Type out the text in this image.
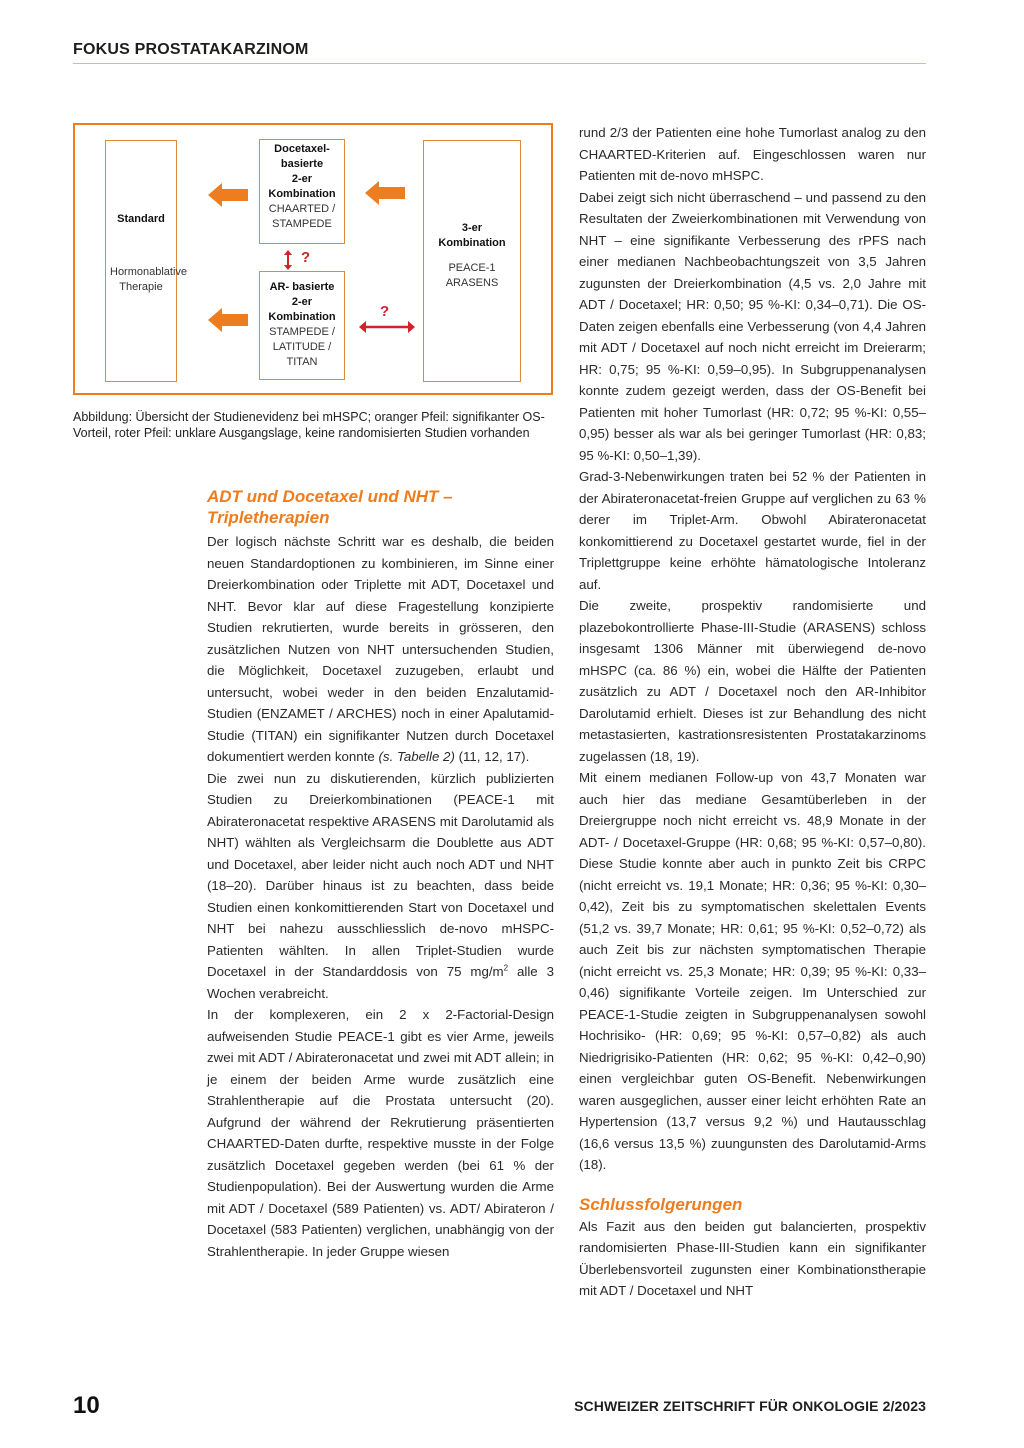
FOKUS PROSTATAKARZINOM
Standard
Hormonablative Therapie
Docetaxel-
basierte
2-er
Kombination
CHAARTED /
STAMPEDE
AR- basierte
2-er
Kombination
STAMPEDE /
LATITUDE /
TITAN
3-er
Kombination
PEACE-1
ARASENS
?
?
Abbildung: Übersicht der Studienevidenz bei mHSPC; oranger Pfeil: signifikanter OS-Vorteil, roter Pfeil: unklare Ausgangslage, keine randomisierten Studien vorhanden

ADT und Docetaxel und NHT – Tripletherapien

Der logisch nächste Schritt war es deshalb, die beiden neuen Standardoptionen zu kombinieren, im Sinne einer Dreierkombination oder Triplette mit ADT, Docetaxel und NHT. Bevor klar auf diese Fragestellung konzipierte Studien rekrutierten, wurde bereits in grösseren, den zusätzlichen Nutzen von NHT untersuchenden Studien, die Möglichkeit, Docetaxel zuzugeben, erlaubt und untersucht, wobei weder in den beiden Enzalutamid-Studien (ENZAMET / ARCHES) noch in einer Apalutamid-Studie (TITAN) ein signifikanter Nutzen durch Docetaxel dokumentiert werden konnte (s. Tabelle 2) (11, 12, 17).

Die zwei nun zu diskutierenden, kürzlich publizierten Studien zu Dreierkombinationen (PEACE-1 mit Abirateronacetat respektive ARASENS mit Darolutamid als NHT) wählten als Vergleichsarm die Doublette aus ADT und Docetaxel, aber leider nicht auch noch ADT und NHT (18–20). Darüber hinaus ist zu beachten, dass beide Studien einen konkomittierenden Start von Docetaxel und NHT bei nahezu ausschliesslich de-novo mHSPC-Patienten wählten. In allen Triplet-Studien wurde Docetaxel in der Standarddosis von 75 $mg/m^2$ alle 3 Wochen verabreicht.

In der komplexeren, ein 2 x 2-Factorial-Design aufweisenden Studie PEACE-1 gibt es vier Arme, jeweils zwei mit ADT / Abirateronacetat und zwei mit ADT allein; in je einem der beiden Arme wurde zusätzlich eine Strahlentherapie auf die Prostata untersucht (20). Aufgrund der während der Rekrutierung präsentierten CHAARTED-Daten durfte, respektive musste in der Folge zusätzlich Docetaxel gegeben werden (bei 61 % der Studienpopulation). Bei der Auswertung wurden die Arme mit ADT / Docetaxel (589 Patienten) vs. ADT/ Abirateron / Docetaxel (583 Patienten) verglichen, unabhängig von der Strahlentherapie. In jeder Gruppe wiesen

rund 2/3 der Patienten eine hohe Tumorlast analog zu den CHAARTED-Kriterien auf. Eingeschlossen waren nur Patienten mit de-novo mHSPC.

Dabei zeigt sich nicht überraschend – und passend zu den Resultaten der Zweierkombinationen mit Verwendung von NHT – eine signifikante Verbesserung des rPFS nach einer medianen Nachbeobachtungszeit von 3,5 Jahren zugunsten der Dreierkombination (4,5 vs. 2,0 Jahre mit ADT / Docetaxel; HR: 0,50; 95 %-KI: 0,34–0,71). Die OS-Daten zeigen ebenfalls eine Verbesserung (von 4,4 Jahren mit ADT / Docetaxel auf noch nicht erreicht im Dreierarm; HR: 0,75; 95 %-KI: 0,59–0,95). In Subgruppenanalysen konnte zudem gezeigt werden, dass der OS-Benefit bei Patienten mit hoher Tumorlast (HR: 0,72; 95 %-KI: 0,55–0,95) besser als war als bei geringer Tumorlast (HR: 0,83; 95 %-KI: 0,50–1,39).

Grad-3-Nebenwirkungen traten bei 52 % der Patienten in der Abirateronacetat-freien Gruppe auf verglichen zu 63 % derer im Triplet-Arm. Obwohl Abirateronacetat konkomittierend zu Docetaxel gestartet wurde, fiel in der Triplettgruppe keine erhöhte hämatologische Intoleranz auf.

Die zweite, prospektiv randomisierte und plazebokontrollierte Phase-III-Studie (ARASENS) schloss insgesamt 1306 Männer mit überwiegend de-novo mHSPC (ca. 86 %) ein, wobei die Hälfte der Patienten zusätzlich zu ADT / Docetaxel noch den AR-Inhibitor Darolutamid erhielt. Dieses ist zur Behandlung des nicht metastasierten, kastrationsresistenten Prostatakarzinoms zugelassen (18, 19).

Mit einem medianen Follow-up von 43,7 Monaten war auch hier das mediane Gesamtüberleben in der Dreiergruppe noch nicht erreicht vs. 48,9 Monate in der ADT- / Docetaxel-Gruppe (HR: 0,68; 95 %-KI: 0,57–0,80). Diese Studie konnte aber auch in punkto Zeit bis CRPC (nicht erreicht vs. 19,1 Monate; HR: 0,36; 95 %-KI: 0,30–0,42), Zeit bis zu symptomatischen skelettalen Events (51,2 vs. 39,7 Monate; HR: 0,61; 95 %-KI: 0,52–0,72) als auch Zeit bis zur nächsten symptomatischen Therapie (nicht erreicht vs. 25,3 Monate; HR: 0,39; 95 %-KI: 0,33–0,46) signifikante Vorteile zeigen. Im Unterschied zur PEACE-1-Studie zeigten in Subgruppenanalysen sowohl Hochrisiko- (HR: 0,69; 95 %-KI: 0,57–0,82) als auch Niedrigrisiko-Patienten (HR: 0,62; 95 %-KI: 0,42–0,90) einen vergleichbar guten OS-Benefit. Nebenwirkungen waren ausgeglichen, ausser einer leicht erhöhten Rate an Hypertension (13,7 versus 9,2 %) und Hautausschlag (16,6 versus 13,5 %) zuungunsten des Darolutamid-Arms (18).

Schlussfolgerungen

Als Fazit aus den beiden gut balancierten, prospektiv randomisierten Phase-III-Studien kann ein signifikanter Überlebensvorteil zugunsten einer Kombinationstherapie mit ADT / Docetaxel und NHT

10	SCHWEIZER ZEITSCHRIFT FÜR ONKOLOGIE 2/2023
